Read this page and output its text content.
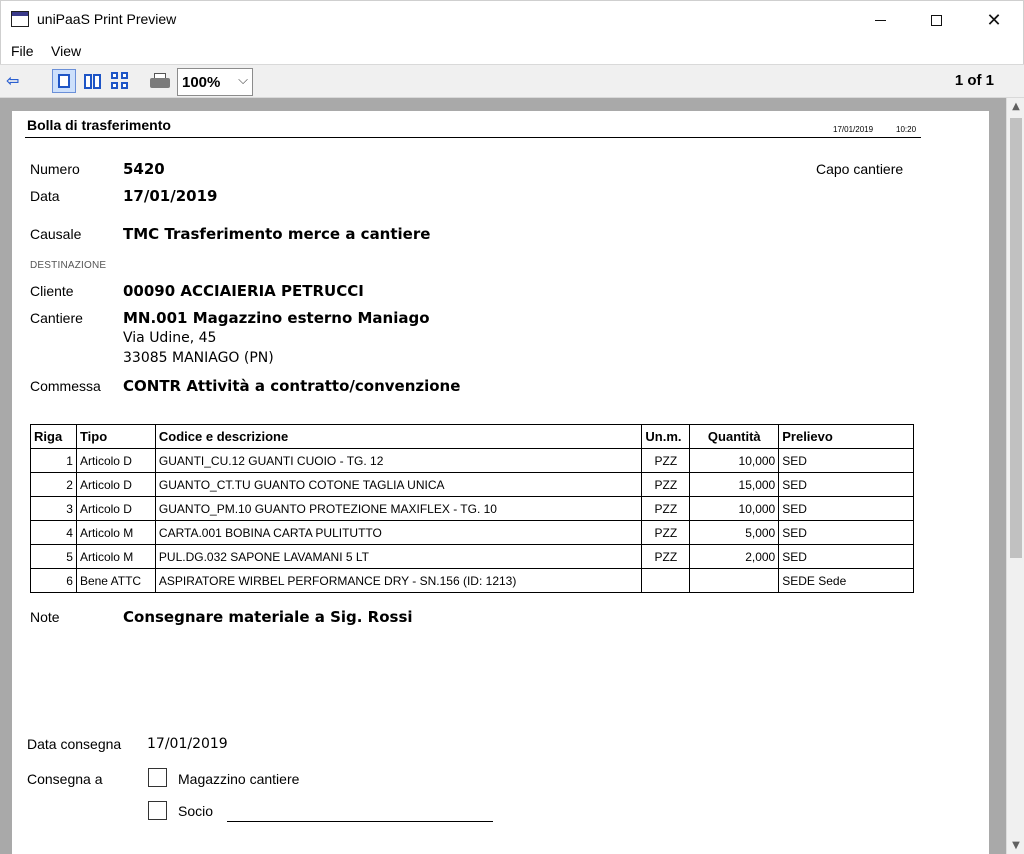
uniPaaS Print Preview	✕
File View
⇦	100% ⌵	1 of 1
Bolla di trasferimento	17/01/2019	10:20
Numero	5420	Capo cantiere
Data	17/01/2019
Causale	TMC Trasferimento merce a cantiere
DESTINAZIONE
Cliente	00090 ACCIAIERIA PETRUCCI
Cantiere	MN.001 Magazzino esterno Maniago
Via Udine, 45
33085 MANIAGO (PN)
Commessa CONTR Attività a contratto/convenzione
Riga	Tipo	Codice e descrizione	Un.m.	Quantità	Prelievo
1	Articolo D	GUANTI_CU.12 GUANTI CUOIO - TG. 12	PZZ	10,000	SED
2	Articolo D	GUANTO_CT.TU GUANTO COTONE TAGLIA UNICA	PZZ	15,000	SED
3	Articolo D	GUANTO_PM.10 GUANTO PROTEZIONE MAXIFLEX - TG. 10	PZZ	10,000	SED
4	Articolo M	CARTA.001 BOBINA CARTA PULITUTTO	PZZ	5,000	SED
5	Articolo M	PUL.DG.032 SAPONE LAVAMANI 5 LT	PZZ	2,000	SED
6	Bene ATTC	ASPIRATORE WIRBEL PERFORMANCE DRY - SN.156 (ID: 1213)			SEDE Sede
Note	Consegnare materiale a Sig. Rossi
Data consegna 17/01/2019
Consegna a	Magazzino cantiere
Socio
▲
▼
